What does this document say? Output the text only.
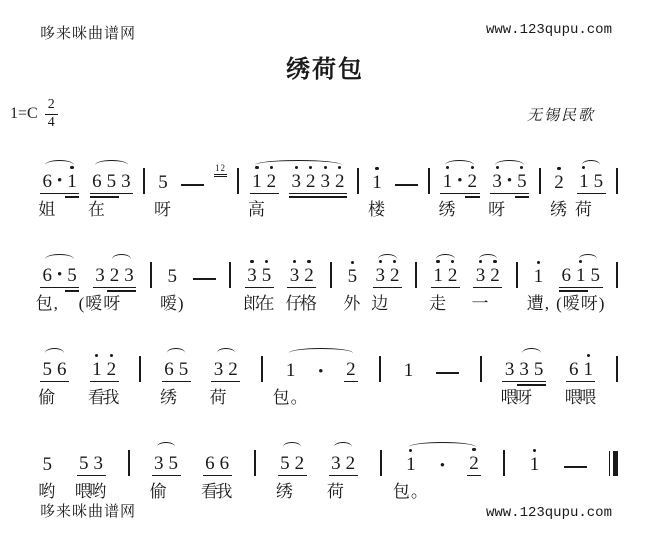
哆来咪曲谱网	www.123qupu.com
绣荷包
$1=C \frac{2}{4}$	无锡民歌
6 • 1 6 5 3 5
12
1 2 3 2 3 2 1	1 • 2 3 • 5 2 1 5
姐 在	呀	高	楼	绣 呀	绣 荷
6 • 5 3 2 3 5	3 5 3 2 5 3 2 1 2 3 2 1 6 1 5
包, (嗳呀 嗳)	郎
在 仔
格 外 边 走 一 遭, (嗳呀)
5 6 1 2	6 5 3 2	1 • 2	1	3 3 5 6 1
偷 看
我 绣 荷	包。	喂
呀 喂
喂
5 5 3	3 5 6 6	5 2 3 2	1 • 2	1
哟 喂
哟	偷 看
我	绣 荷	包。
哆来咪曲谱网	www.123qupu.com
